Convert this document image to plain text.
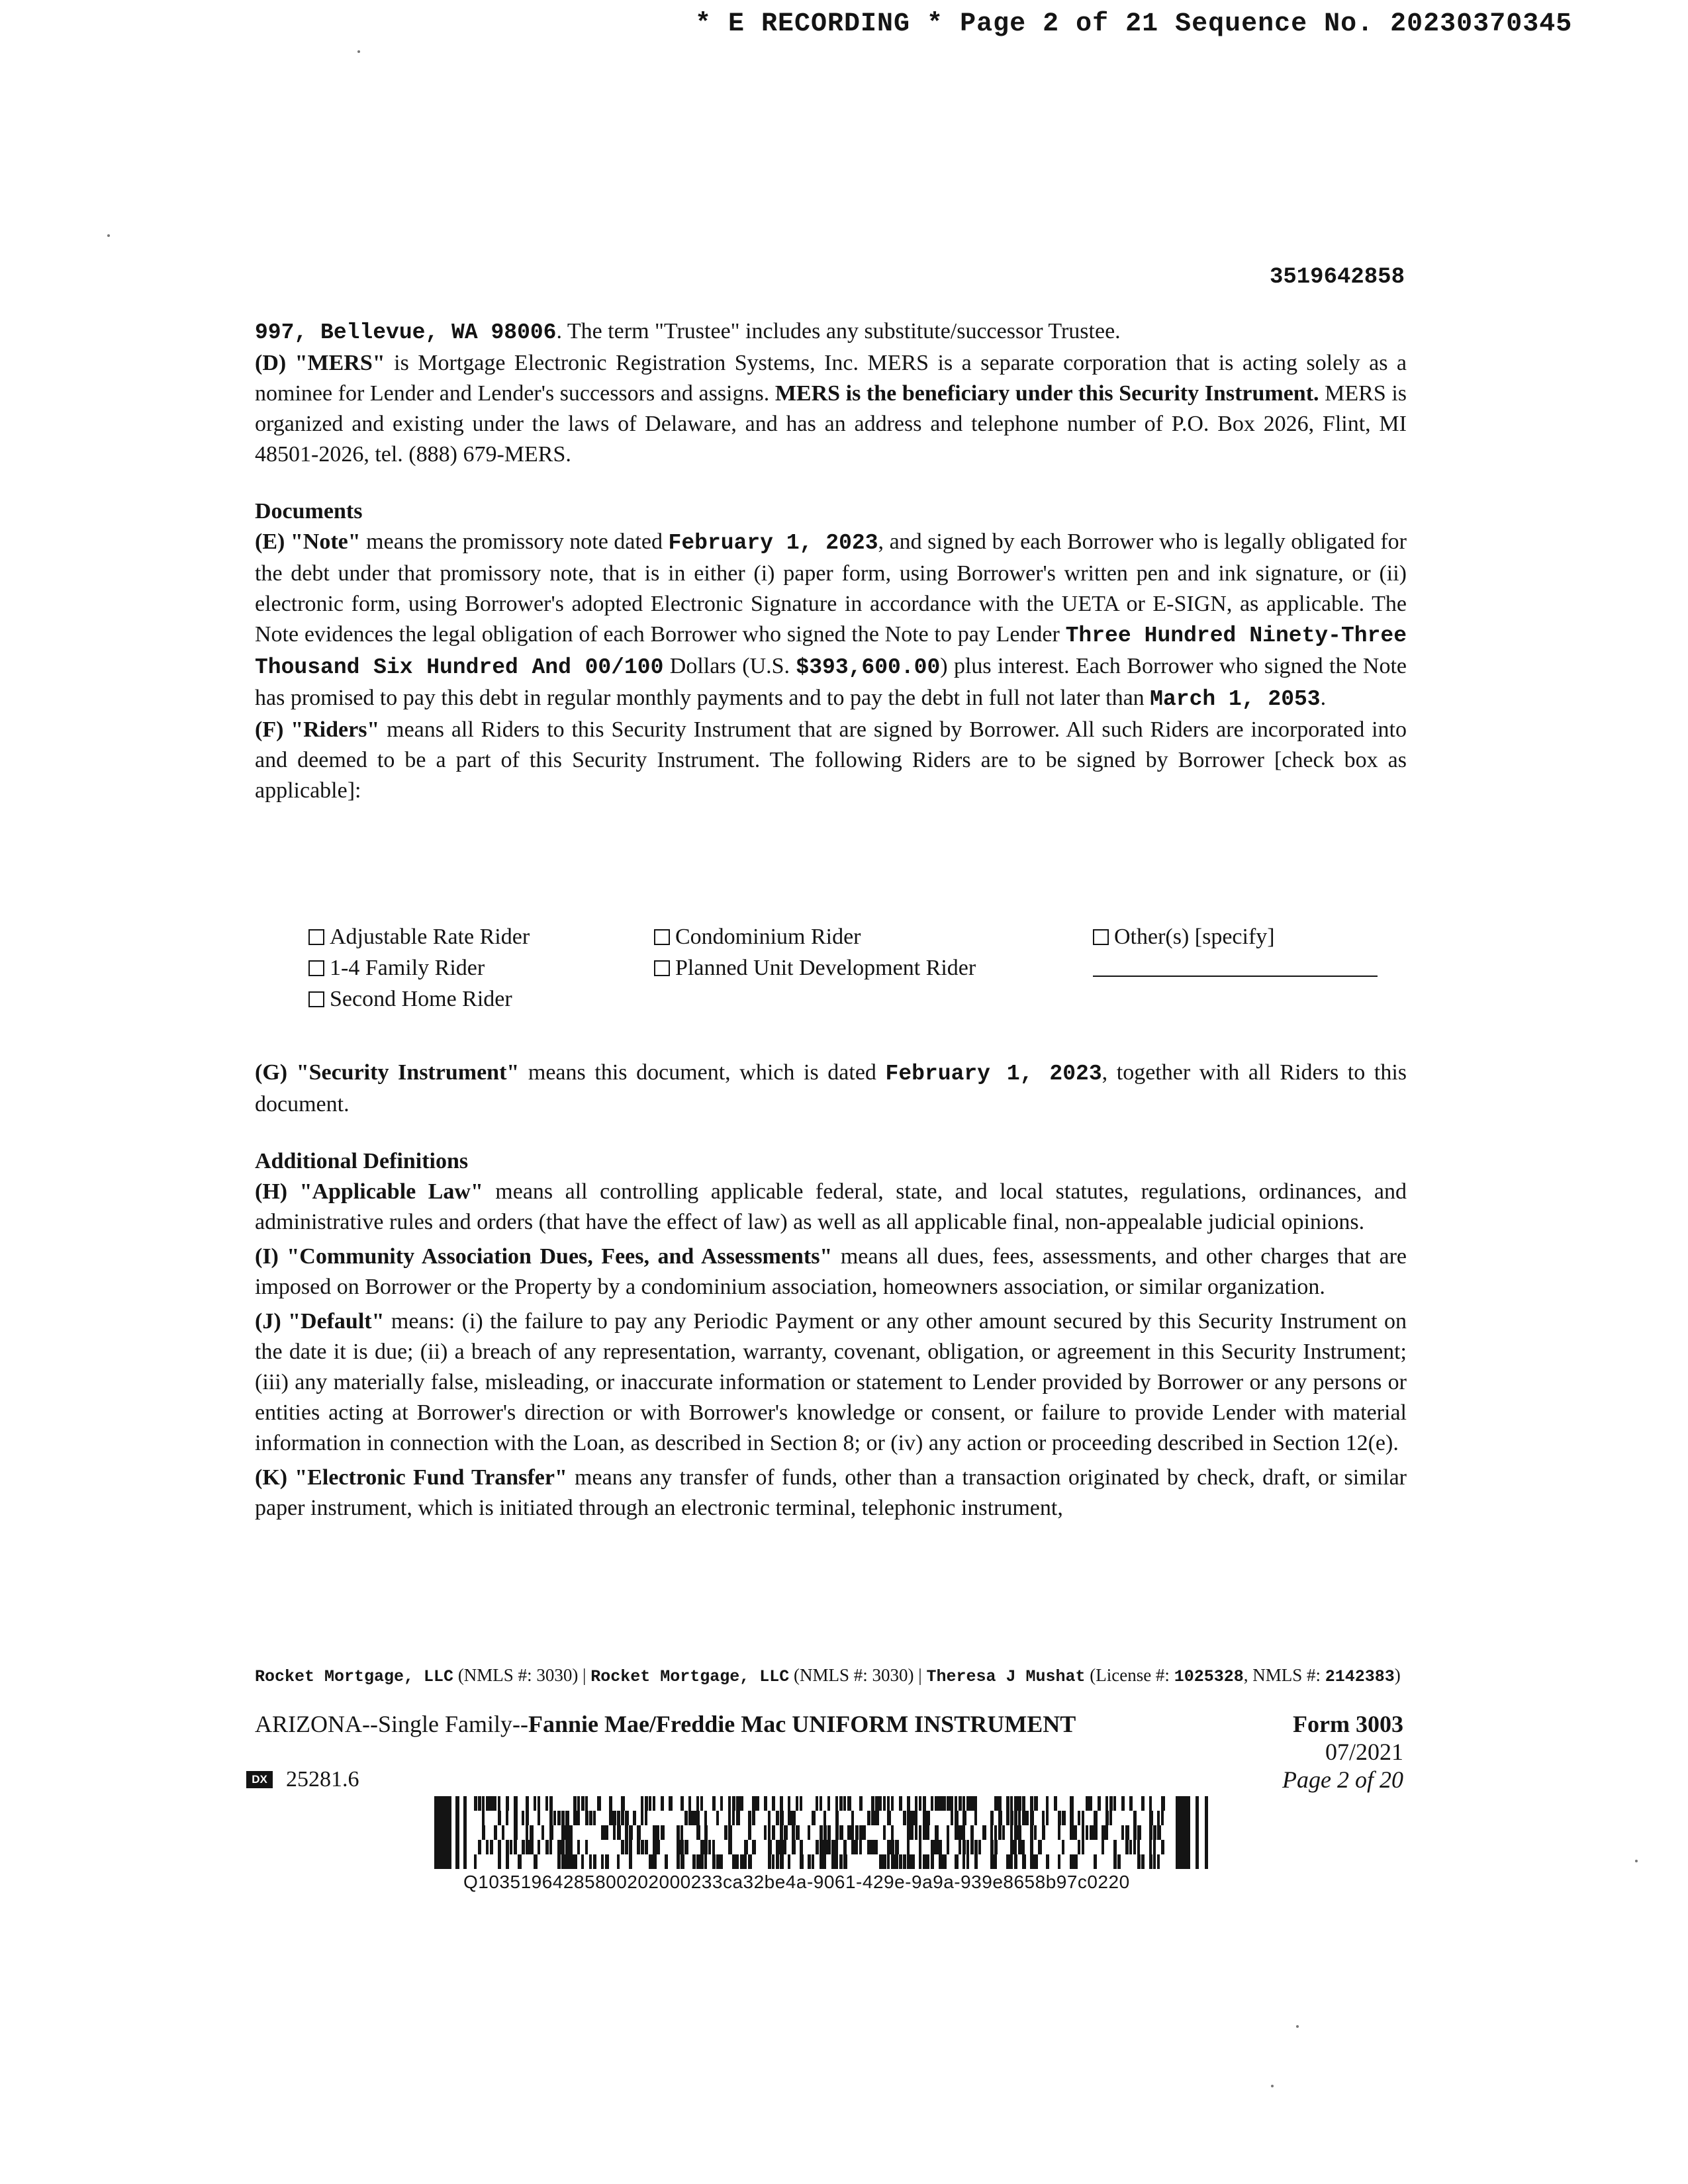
* E RECORDING * Page 2 of 21 Sequence No. 20230370345
3519642858

997, Bellevue, WA 98006. The term "Trustee" includes any substitute/successor Trustee.

(D) "MERS" is Mortgage Electronic Registration Systems, Inc. MERS is a separate corporation that is acting solely as a nominee for Lender and Lender's successors and assigns. MERS is the beneficiary under this Security Instrument. MERS is organized and existing under the laws of Delaware, and has an address and telephone number of P.O. Box 2026, Flint, MI 48501-2026, tel. (888) 679-MERS.

Documents

(E) "Note" means the promissory note dated February 1, 2023, and signed by each Borrower who is legally obligated for the debt under that promissory note, that is in either (i) paper form, using Borrower's written pen and ink signature, or (ii) electronic form, using Borrower's adopted Electronic Signature in accordance with the UETA or E-SIGN, as applicable. The Note evidences the legal obligation of each Borrower who signed the Note to pay Lender Three Hundred Ninety-Three Thousand Six Hundred And 00/100 Dollars (U.S. $393,600.00) plus interest. Each Borrower who signed the Note has promised to pay this debt in regular monthly payments and to pay the debt in full not later than March 1, 2053.

(F) "Riders" means all Riders to this Security Instrument that are signed by Borrower. All such Riders are incorporated into and deemed to be a part of this Security Instrument. The following Riders are to be signed by Borrower [check box as applicable]:

Adjustable Rate Rider
1-4 Family Rider
Second Home Rider
Condominium Rider
Planned Unit Development Rider
Other(s) [specify]

(G) "Security Instrument" means this document, which is dated February 1, 2023, together with all Riders to this document.

Additional Definitions

(H) "Applicable Law" means all controlling applicable federal, state, and local statutes, regulations, ordinances, and administrative rules and orders (that have the effect of law) as well as all applicable final, non-appealable judicial opinions.

(I) "Community Association Dues, Fees, and Assessments" means all dues, fees, assessments, and other charges that are imposed on Borrower or the Property by a condominium association, homeowners association, or similar organization.

(J) "Default" means: (i) the failure to pay any Periodic Payment or any other amount secured by this Security Instrument on the date it is due; (ii) a breach of any representation, warranty, covenant, obligation, or agreement in this Security Instrument; (iii) any materially false, misleading, or inaccurate information or statement to Lender provided by Borrower or any persons or entities acting at Borrower's direction or with Borrower's knowledge or consent, or failure to provide Lender with material information in connection with the Loan, as described in Section 8; or (iv) any action or proceeding described in Section 12(e).

(K) "Electronic Fund Transfer" means any transfer of funds, other than a transaction originated by check, draft, or similar paper instrument, which is initiated through an electronic terminal, telephonic instrument,

Rocket Mortgage, LLC (NMLS #: 3030) | Rocket Mortgage, LLC (NMLS #: 3030) | Theresa J Mushat (License #: 1025328, NMLS #: 2142383)
ARIZONA--Single Family--Fannie Mae/Freddie Mac UNIFORM INSTRUMENT	Form 3003
07/2021
Page 2 of 20
DX 25281.6
Q10351964285800202000233ca32be4a-9061-429e-9a9a-939e8658b97c0220
